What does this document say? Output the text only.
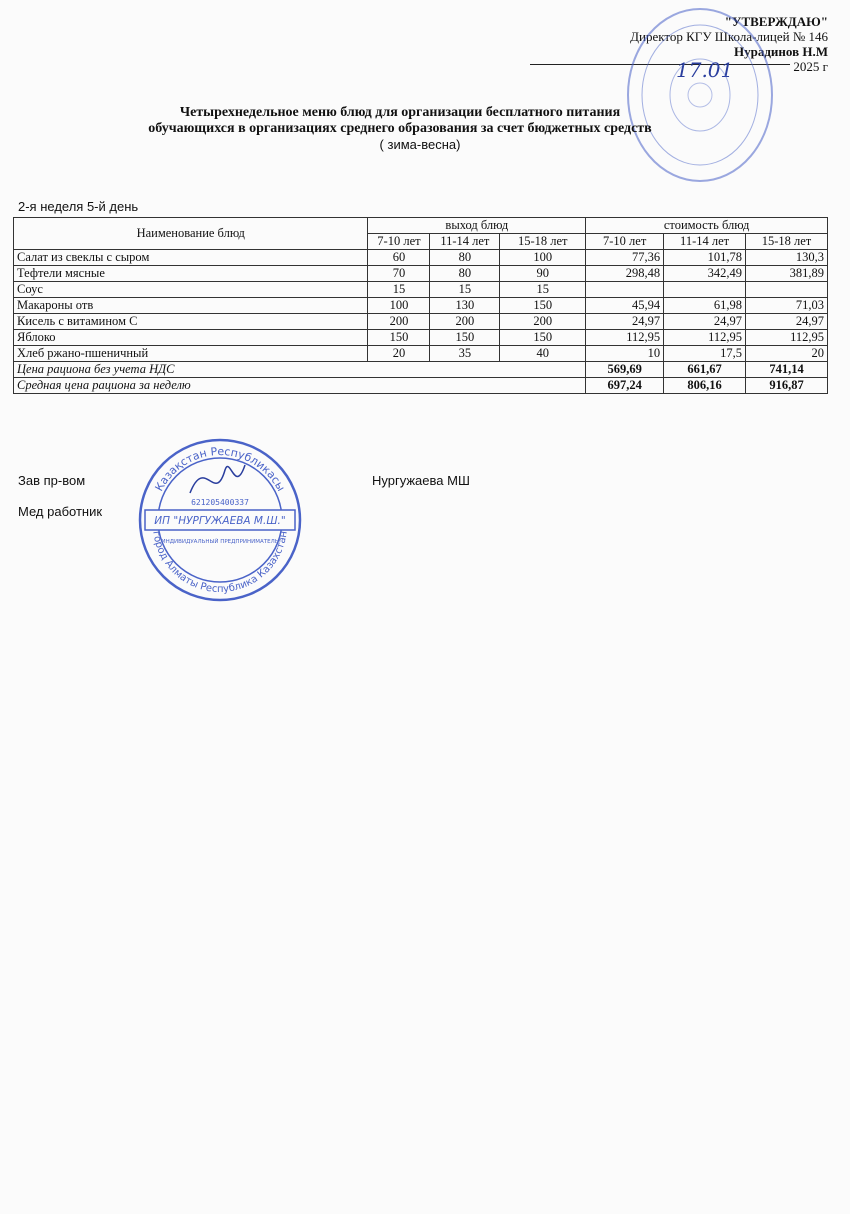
"УТВЕРЖДАЮ"
Директор КГУ Школа-лицей № 146
Нурадинов Н.М
2025 г
17.01
Четырехнедельное меню блюд для организации бесплатного питания
обучающихся в организациях среднего образования за счет бюджетных средств
( зима-весна)
2-я неделя 5-й день
Наименование блюд	выход блюд			стоимость блюд		
	7-10 лет	11-14 лет	15-18 лет	7-10 лет	11-14 лет	15-18 лет
Салат из свеклы с сыром	60	80	100	77,36	101,78	130,3
Тефтели мясные	70	80	90	298,48	342,49	381,89
Соус	15	15	15			
Макароны отв	100	130	150	45,94	61,98	71,03
Кисель с витамином С	200	200	200	24,97	24,97	24,97
Яблоко	150	150	150	112,95	112,95	112,95
Хлеб ржано-пшеничный	20	35	40	10	17,5	20
Цена рациона без учета НДС				569,69	661,67	741,14
Средная цена рациона за неделю				697,24	806,16	916,87
Зав пр-вом	Нургужаева МШ
Мед работник
Казақстан Республикасы
город Алматы Республика Казахстан
621205400337
ИП "НУРГУЖАЕВА М.Ш."
ИНДИВИДУАЛЬНЫЙ ПРЕДПРИНИМАТЕЛЬ
